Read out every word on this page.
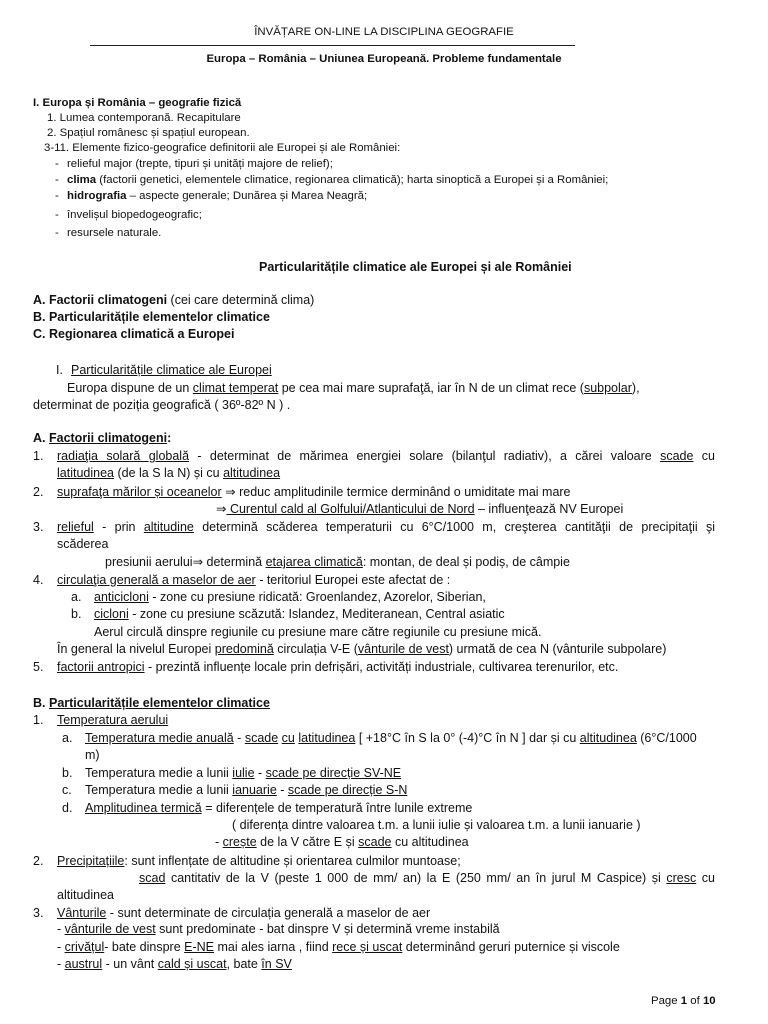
ÎNVĂȚARE ON-LINE LA DISCIPLINA GEOGRAFIE
Europa – România – Uniunea Europeană. Probleme fundamentale
I. Europa și România – geografie fizică
1. Lumea contemporană. Recapitulare
2. Spațiul românesc și spațiul european.
3-11. Elemente fizico-geografice definitorii ale Europei și ale României:
- relieful major (trepte, tipuri și unități majore de relief);
- clima (factorii genetici, elementele climatice, regionarea climatică); harta sinoptică a Europei și a României;
- hidrografia – aspecte generale; Dunărea și Marea Neagră;
- învelișul biopedogeografic;
- resursele naturale.
Particularitățile climatice ale Europei și ale României
A. Factorii climatogeni (cei care determină clima)
B. Particularitățile elementelor climatice
C. Regionarea climatică a Europei
I. Particularitățile climatice ale Europei
Europa dispune de un climat temperat pe cea mai mare suprafaţă, iar în N de un climat rece (subpolar),
determinat de poziția geografică ( 36º-82º N ) .
A. Factorii climatogeni:
1. radiaţia solară globală - determinat de mărimea energiei solare (bilanţul radiativ), a cărei valoare scade cu
latitudinea (de la S la N) și cu altitudinea
2. suprafaţa mărilor și oceanelor ⇒ reduc amplitudinile termice derminând o umiditate mai mare
⇒ Curentul cald al Golfului/Atlanticului de Nord – influenţează NV Europei
3. relieful - prin altitudine determină scăderea temperaturii cu 6°C/1000 m, creşterea cantităţii de precipitaţii şi
scăderea
presiunii aerului⇒ determină etajarea climatică: montan, de deal și podiș, de câmpie
4. circulaţia generală a maselor de aer - teritoriul Europei este afectat de :
a. anticicloni - zone cu presiune ridicată: Groenlandez, Azorelor, Siberian,
b. cicloni - zone cu presiune scăzută: Islandez, Mediteranean, Central asiatic
Aerul circulă dinspre regiunile cu presiune mare către regiunile cu presiune mică.
În general la nivelul Europei predomină circulația V-E (vânturile de vest) urmată de cea N (vânturile subpolare)
5. factorii antropici - prezintă influențe locale prin defrișări, activități industriale, cultivarea terenurilor, etc.
B. Particularitățile elementelor climatice
1. Temperatura aerului
a. Temperatura medie anuală - scade cu latitudinea [ +18°C în S la 0° (-4)°C în N ] dar și cu altitudinea (6°C/1000
m)
b. Temperatura medie a lunii iulie - scade pe direcție SV-NE
c. Temperatura medie a lunii ianuarie - scade pe direcție S-N
d. Amplitudinea termică = diferențele de temperatură între lunile extreme
( diferența dintre valoarea t.m. a lunii iulie și valoarea t.m. a lunii ianuarie )
- crește de la V către E și scade cu altitudinea
2. Precipitațiile: sunt inflențate de altitudine și orientarea culmilor muntoase;
scad cantitativ de la V (peste 1 000 de mm/ an) la E (250 mm/ an în jurul M Caspice) și cresc cu
altitudinea
3. Vânturile - sunt determinate de circulația generală a maselor de aer
- vânturile de vest sunt predominate - bat dinspre V și determină vreme instabilă
- crivățul- bate dinspre E-NE mai ales iarna , fiind rece și uscat determinând geruri puternice și viscole
- austrul - un vânt cald și uscat, bate în SV
Page 1 of 10
